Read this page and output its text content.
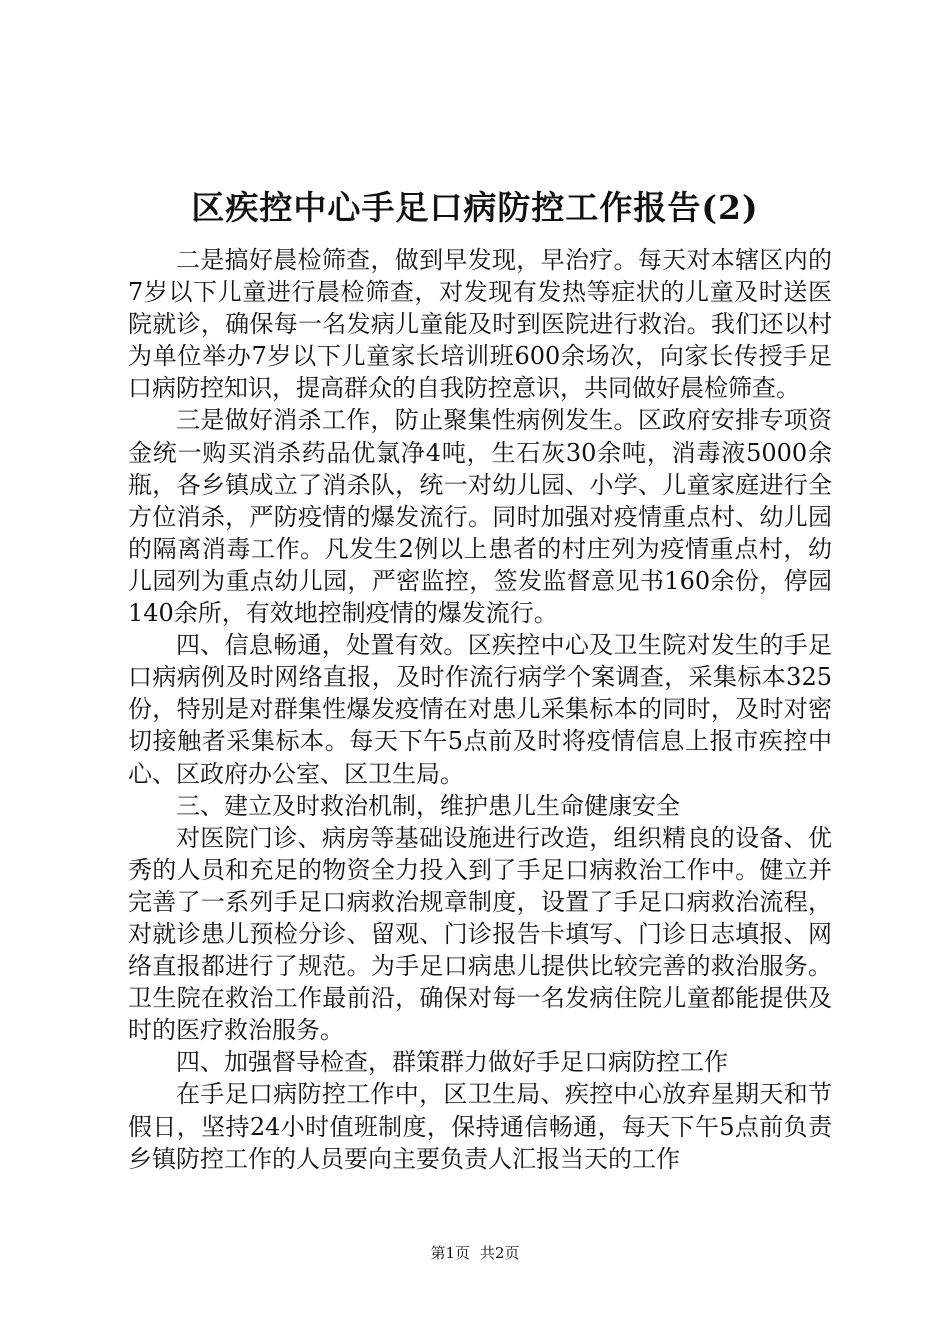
区疾控中心手足口病防控工作报告(2)

二是搞好晨检筛查，做到早发现，早治疗。每天对本辖区内的7岁以下儿童进行晨检筛查，对发现有发热等症状的儿童及时送医院就诊，确保每一名发病儿童能及时到医院进行救治。我们还以村为单位举办7岁以下儿童家长培训班600余场次，向家长传授手足口病防控知识，提高群众的自我防控意识，共同做好晨检筛查。

三是做好消杀工作，防止聚集性病例发生。区政府安排专项资金统一购买消杀药品优氯净4吨，生石灰30余吨，消毒液5000余瓶，各乡镇成立了消杀队，统一对幼儿园、小学、儿童家庭进行全方位消杀，严防疫情的爆发流行。同时加强对疫情重点村、幼儿园的隔离消毒工作。凡发生2例以上患者的村庄列为疫情重点村，幼儿园列为重点幼儿园，严密监控，签发监督意见书160余份，停园140余所，有效地控制疫情的爆发流行。

四、信息畅通，处置有效。区疾控中心及卫生院对发生的手足口病病例及时网络直报，及时作流行病学个案调查，采集标本325份，特别是对群集性爆发疫情在对患儿采集标本的同时，及时对密切接触者采集标本。每天下午5点前及时将疫情信息上报市疾控中心、区政府办公室、区卫生局。

三、建立及时救治机制，维护患儿生命健康安全

对医院门诊、病房等基础设施进行改造，组织精良的设备、优秀的人员和充足的物资全力投入到了手足口病救治工作中。健立并完善了一系列手足口病救治规章制度，设置了手足口病救治流程，对就诊患儿预检分诊、留观、门诊报告卡填写、门诊日志填报、网络直报都进行了规范。为手足口病患儿提供比较完善的救治服务。卫生院在救治工作最前沿，确保对每一名发病住院儿童都能提供及时的医疗救治服务。

四、加强督导检查，群策群力做好手足口病防控工作

在手足口病防控工作中，区卫生局、疾控中心放弃星期天和节假日，坚持24小时值班制度，保持通信畅通，每天下午5点前负责乡镇防控工作的人员要向主要负责人汇报当天的工作

第1页 共2页
